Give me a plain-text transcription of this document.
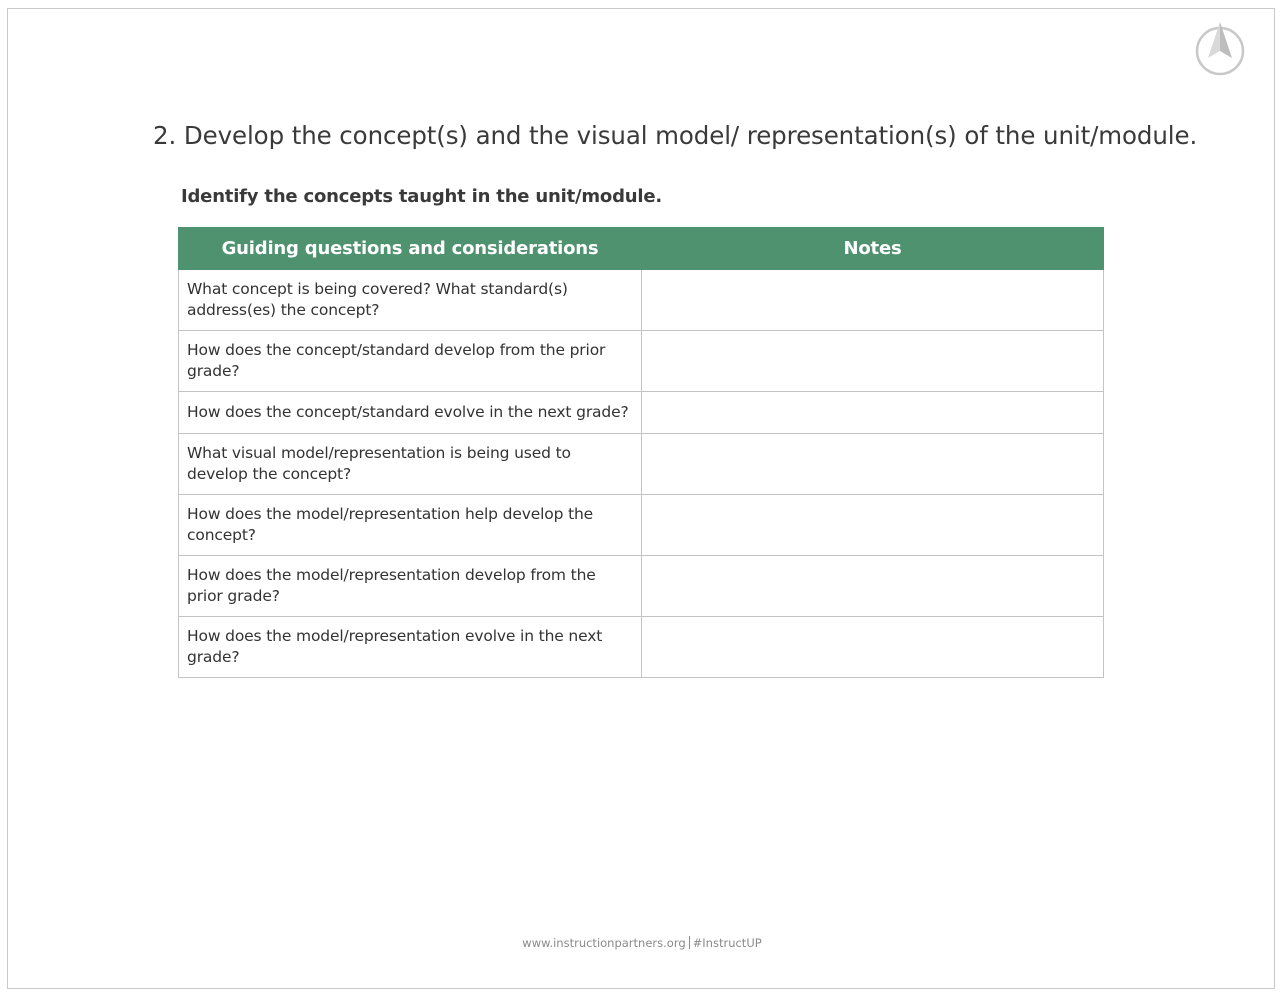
2. Develop the concept(s) and the visual model/ representation(s) of the unit/module.
Identify the concepts taught in the unit/module.
Guiding questions and considerations	Notes
What concept is being covered? What standard(s) address(es) the concept?	
How does the concept/standard develop from the prior grade?	
How does the concept/standard evolve in the next grade?	
What visual model/representation is being used to develop the concept?	
How does the model/representation help develop the concept?	
How does the model/representation develop from the prior grade?	
How does the model/representation evolve in the next grade?	
www.instructionpartners.org #InstructUP
